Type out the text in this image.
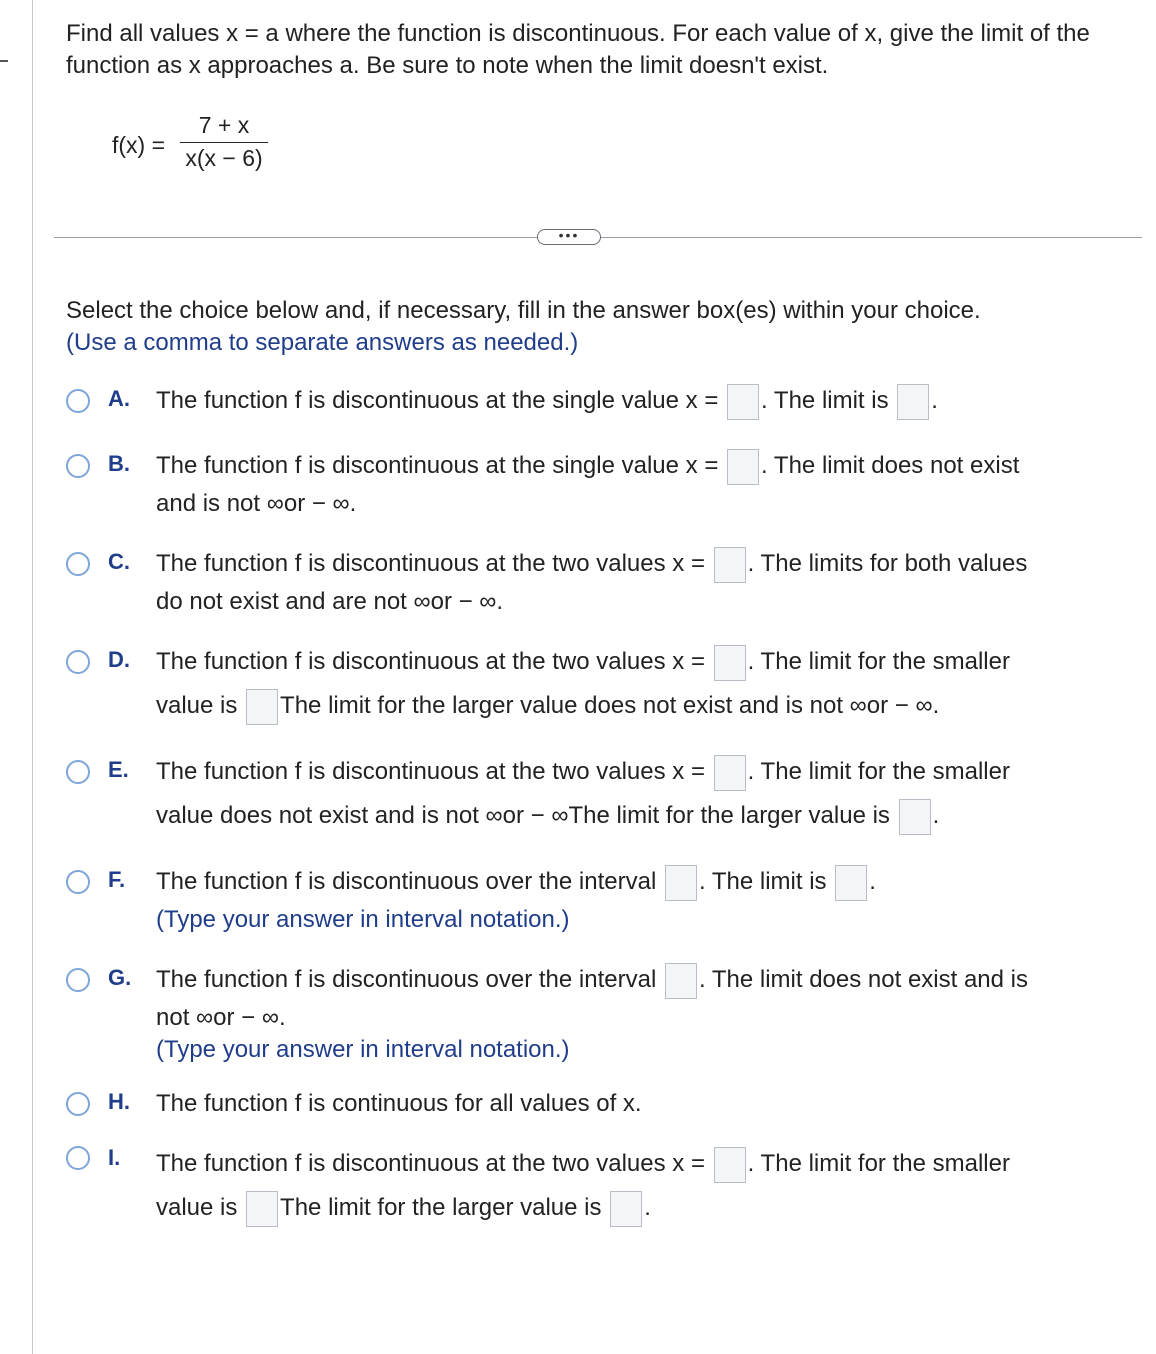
Find all values x = a where the function is discontinuous. For each value of x, give the limit of the function as x approaches a. Be sure to note when the limit doesn't exist.
f(x) =
7 + x
x(x − 6)
•••
Select the choice below and, if necessary, fill in the answer box(es) within your choice.
(Use a comma to separate answers as needed.)
A. The function f is discontinuous at the single value x = . The limit is .
B. The function f is discontinuous at the single value x = . The limit does not exist
and is not ∞or − ∞.
C. The function f is discontinuous at the two values x = . The limits for both values
do not exist and are not ∞or − ∞.
D. The function f is discontinuous at the two values x = . The limit for the smaller
value is The limit for the larger value does not exist and is not ∞or − ∞.
E. The function f is discontinuous at the two values x = . The limit for the smaller
value does not exist and is not ∞or − ∞The limit for the larger value is .
F. The function f is discontinuous over the interval . The limit is .
(Type your answer in interval notation.)
G. The function f is discontinuous over the interval . The limit does not exist and is
not ∞or − ∞.
(Type your answer in interval notation.)
H. The function f is continuous for all values of x.
I. The function f is discontinuous at the two values x = . The limit for the smaller
value is The limit for the larger value is .
